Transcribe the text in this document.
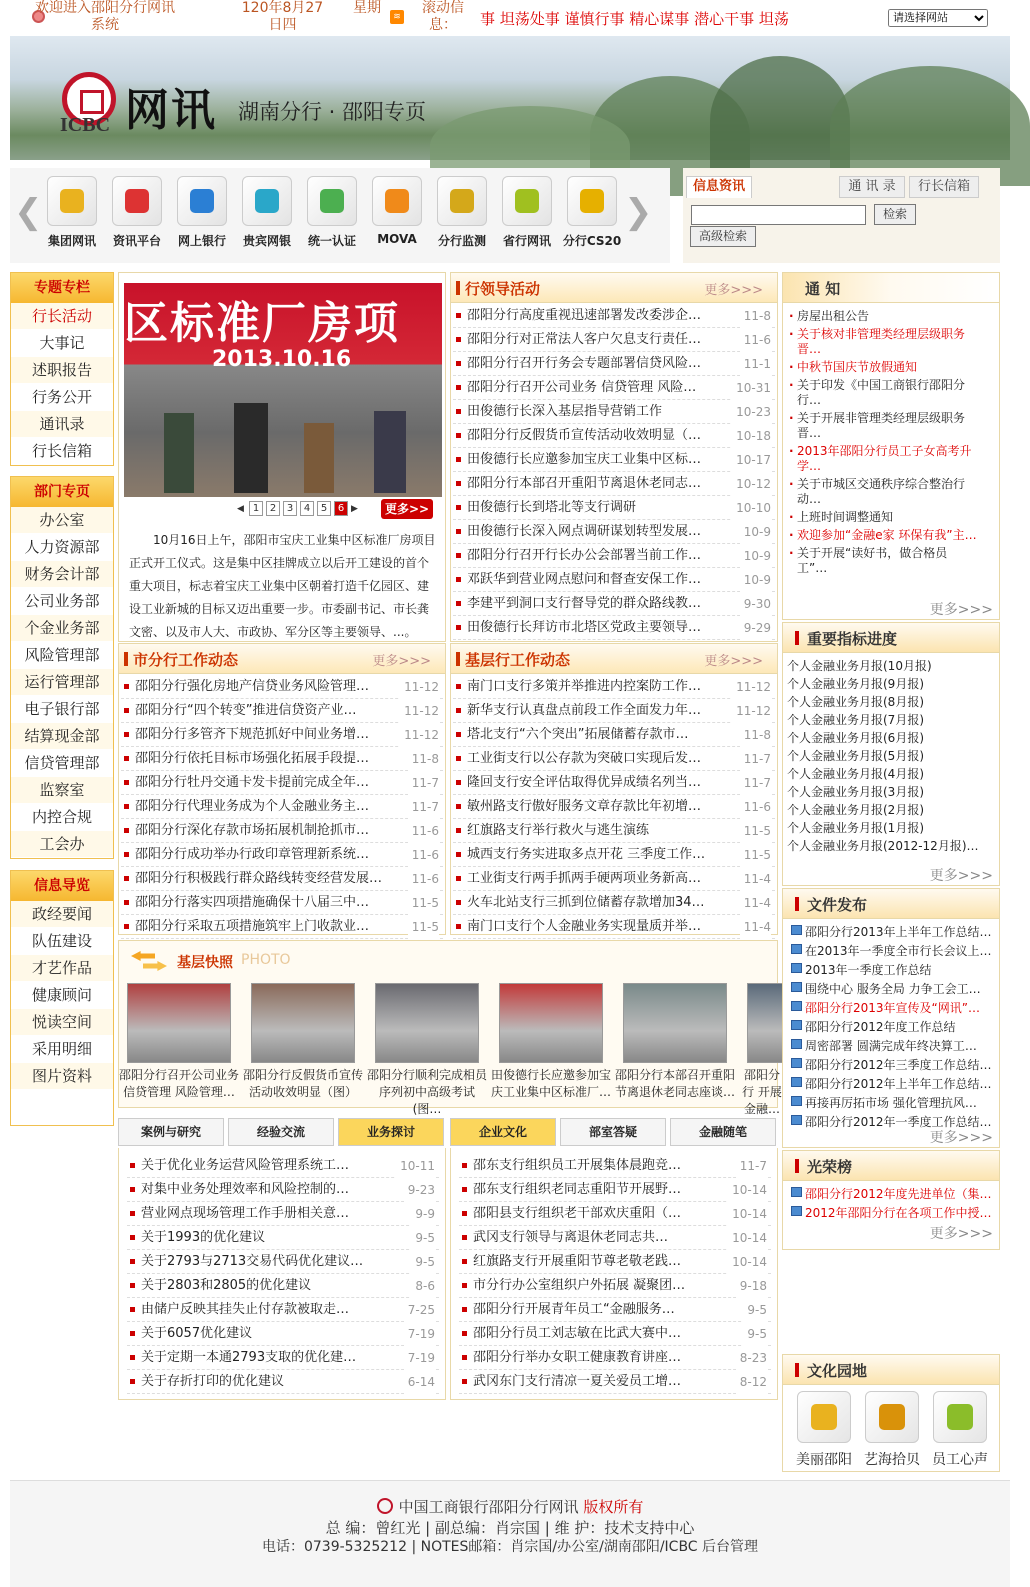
欢迎进入邵阳分行网讯系统
120年8月27日四
星期
≋
滚动信息：	事 坦荡处事 谨慎行事 精心谋事 潜心干事 坦荡
请选择网站
ICBC 网讯 湖南分行 · 邵阳专页
❮	❯
集团网讯	资讯平台	网上银行	贵宾网银	统一认证	MOVA	分行监测	省行网讯 分行CS20
信息资讯	通 讯 录	行长信箱
检索
高级检索
专题专栏
行长活动
大事记
述职报告
行务公开
通讯录
行长信箱
部门专页
办公室
人力资源部
财务会计部
公司业务部
个金业务部
风险管理部
运行管理部
电子银行部
结算现金部
信贷管理部
监察室
内控合规
工会办
信息导览
政经要闻
队伍建设
才艺作品
健康顾问
悦读空间
采用明细
图片资料
区标准厂房项
2013.10.16
◀ 1	2	3	4	5	6 ▶	更多>>
10月16日上午，邵阳市宝庆工业集中区标准厂房项目正式开工仪式。这是集中区挂牌成立以后开工建设的首个重大项目，标志着宝庆工业集中区朝着打造千亿园区、建设工业新城的目标又迈出重要一步。市委副书记、市长龚文密、以及市人大、市政协、军分区等主要领导、...。
行领导活动	更多>>>
邵阳分行高度重视迅速部署发改委涉企…	11-8
邵阳分行对正常法人客户欠息支行责任…	11-6
邵阳分行召开行务会专题部署信贷风险…	11-1
邵阳分行召开公司业务 信贷管理 风险…	10-31
田俊德行长深入基层指导营销工作	10-23
邵阳分行反假货币宣传活动收效明显（…	10-18
田俊德行长应邀参加宝庆工业集中区标…	10-17
邵阳分行本部召开重阳节离退休老同志…	10-12
田俊德行长到塔北等支行调研	10-10
田俊德行长深入网点调研谋划转型发展…	10-9
邵阳分行召开行长办公会部署当前工作…	10-9
邓跃华到营业网点慰问和督查安保工作…	10-9
李建平到洞口支行督导党的群众路线教…	9-30
田俊德行长拜访市北塔区党政主要领导…	9-29
市分行工作动态	更多>>>
邵阳分行强化房地产信贷业务风险管理…	11-12
邵阳分行“四个转变”推进信贷资产业…	11-12
邵阳分行多管齐下规范抓好中间业务增…	11-12
邵阳分行依托目标市场强化拓展手段提…	11-8
邵阳分行牡丹交通卡发卡提前完成全年…	11-7
邵阳分行代理业务成为个人金融业务主…	11-7
邵阳分行深化存款市场拓展机制抢抓市…	11-6
邵阳分行成功举办行政印章管理新系统…	11-6
邵阳分行积极践行群众路线转变经营发展…	11-6
邵阳分行落实四项措施确保十八届三中…	11-5
邵阳分行采取五项措施筑牢上门收款业…	11-5
基层行工作动态	更多>>>
南门口支行多策并举推进内控案防工作…	11-12
新华支行认真盘点前段工作全面发力年…	11-12
塔北支行“六个突出”拓展储蓄存款市…	11-8
工业街支行以公存款为突破口实现后发…	11-7
隆回支行安全评估取得优异成绩名列当…	11-7
敏州路支行傲好服务文章存款比年初增…	11-6
红旗路支行举行救火与逃生演练	11-5
城西支行务实进取多点开花 三季度工作…	11-5
工业街支行两手抓两手硬两项业务新高…	11-4
火车北站支行三抓到位储蓄存款增加34…	11-4
南门口支行个人金融业务实现量质并举…	11-4
基层快照 PHOTO
邵阳分行召开公司业务 信贷管理 风险管理…
邵阳分行反假货币宣传活动收效明显（图）
邵阳分行顺利完成相员序列初中高级考试(图…
田俊德行长应邀参加宝庆工业集中区标准厂…
邵阳分行本部召开重阳节离退休老同志座谈…
邵阳分行 开展金融…
案例与研究	经验交流	业务探讨	企业文化	部室答疑	金融随笔
关于优化业务运营风险管理系统工…	10-11
对集中业务处理效率和风险控制的…	9-23
营业网点现场管理工作手册相关意…	9-9
关于1993的优化建议	9-5
关于2793与2713交易代码优化建议…	9-5
关于2803和2805的优化建议	8-6
由储户反映其挂失止付存款被取走…	7-25
关于6057优化建议	7-19
关于定期一本通2793支取的优化建…	7-19
关于存折打印的优化建议	6-14
邵东支行组织员工开展集体晨跑竞…	11-7
邵东支行组织老同志重阳节开展野…	10-14
邵阳县支行组织老干部欢庆重阳（…	10-14
武冈支行领导与离退休老同志共…	10-14
红旗路支行开展重阳节尊老敬老践…	10-14
市分行办公室组织户外拓展 凝聚团…	9-18
邵阳分行开展青年员工“金融服务…	9-5
邵阳分行员工刘志敏在比武大赛中…	9-5
邵阳分行举办女职工健康教育讲座…	8-23
武冈东门支行清凉一夏关爱员工增…	8-12
通 知
· 房屋出租公告
· 关于核对非管理类经理层级职务晋…
· 中秋节国庆节放假通知
· 关于印发《中国工商银行邵阳分行…
· 关于开展非管理类经理层级职务晋…
· 2013年邵阳分行员工子女高考升学…
· 关于市城区交通秩序综合整治行动…
· 上班时间调整通知
· 欢迎参加“金融e家 环保有我”主…
· 关于开展“读好书，做合格员工”…
更多>>>
重要指标进度
个人金融业务月报(10月报)
个人金融业务月报(9月报)
个人金融业务月报(8月报)
个人金融业务月报(7月报)
个人金融业务月报(6月报)
个人金融业务月报(5月报)
个人金融业务月报(4月报)
个人金融业务月报(3月报)
个人金融业务月报(2月报)
个人金融业务月报(1月报)
个人金融业务月报(2012-12月报)…
更多>>>
文件发布
邵阳分行2013年上半年工作总结…
在2013年一季度全市行长会议上…
2013年一季度工作总结
围绕中心 服务全局 力争工会工…
邵阳分行2013年宣传及“网讯”…
邵阳分行2012年度工作总结
周密部署 圆满完成年终决算工…
邵阳分行2012年三季度工作总结…
邵阳分行2012年上半年工作总结…
再接再厉拓市场 强化管理抗风…
邵阳分行2012年一季度工作总结…
更多>>>
光荣榜
邵阳分行2012年度先进单位（集…
2012年邵阳分行在各项工作中授…
更多>>>
文化园地
美丽邵阳 艺海拾贝 员工心声
中国工商银行邵阳分行网讯 版权所有
总 编：曾红光 | 副总编：肖宗国 | 维 护：技术支持中心
电话：0739-5325212 | NOTES邮箱：肖宗国/办公室/湖南邵阳/ICBC 后台管理
